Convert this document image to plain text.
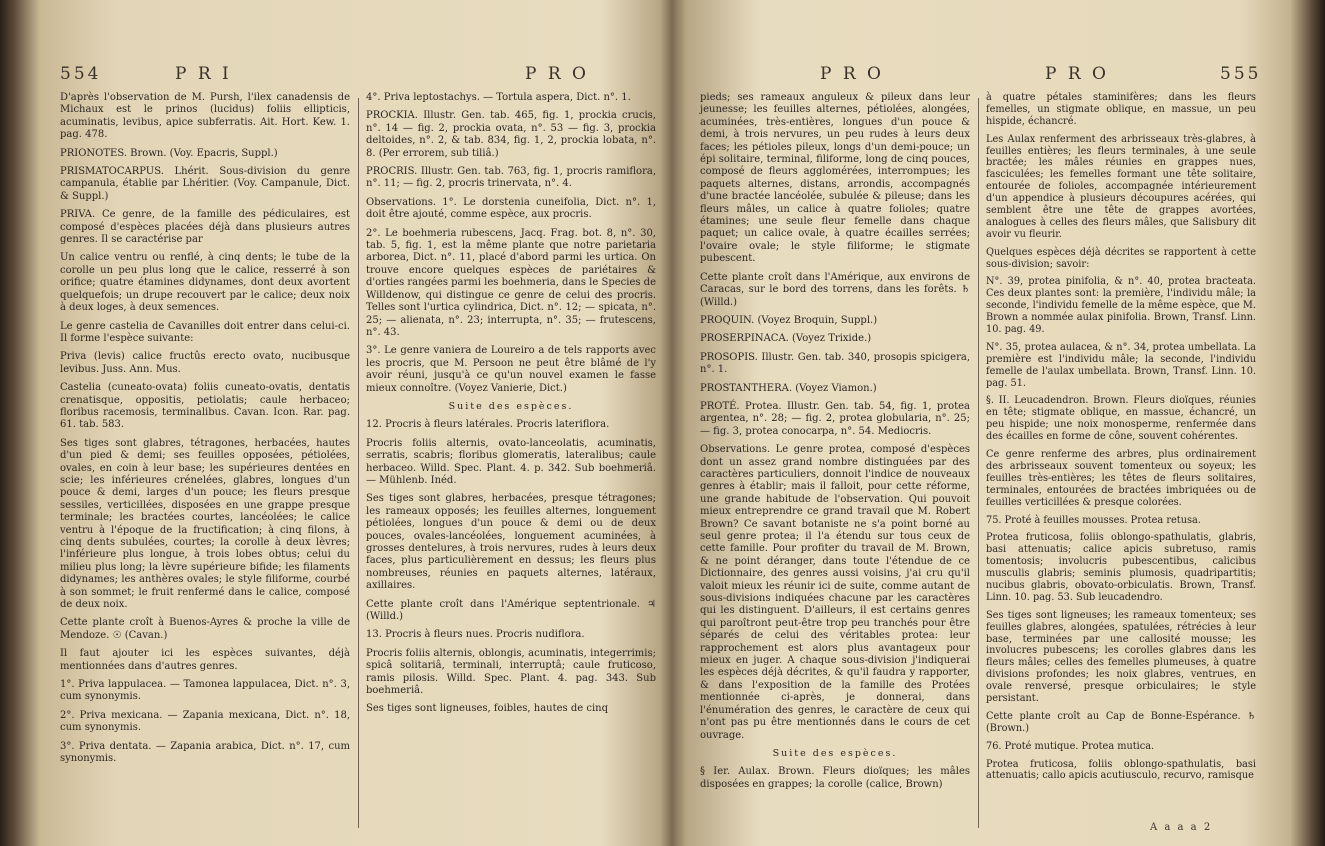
554	P R I	P R O

D'après l'observation de M. Pursh, l'ilex canadensis de Michaux est le prinos (lucidus) foliis ellipticis, acuminatis, levibus, apice subferratis. Ait. Hort. Kew. 1. pag. 478.

PRIONOTES. Brown. (Voy. Epacris, Suppl.)

PRISMATOCARPUS. Lhérit. Sous-division du genre campanula, établie par Lhéritier. (Voy. Campanule, Dict. & Suppl.)

PRIVA. Ce genre, de la famille des pédiculaires, est composé d'espèces placées déjà dans plusieurs autres genres. Il se caractérise par

Un calice ventru ou renflé, à cinq dents; le tube de la corolle un peu plus long que le calice, resserré à son orifice; quatre étamines didynames, dont deux avortent quelquefois; un drupe recouvert par le calice; deux noix à deux loges, à deux semences.

Le genre castelia de Cavanilles doit entrer dans celui-ci. Il forme l'espèce suivante:

Priva (levis) calice fructûs erecto ovato, nucibusque levibus. Juss. Ann. Mus.

Castelia (cuneato-ovata) foliis cuneato-ovatis, dentatis crenatisque, oppositis, petiolatis; caule herbaceo; floribus racemosis, terminalibus. Cavan. Icon. Rar. pag. 61. tab. 583.

Ses tiges sont glabres, tétragones, herbacées, hautes d'un pied & demi; ses feuilles opposées, pétiolées, ovales, en coin à leur base; les supérieures dentées en scie; les inférieures crénelées, glabres, longues d'un pouce & demi, larges d'un pouce; les fleurs presque sessiles, verticillées, disposées en une grappe presque terminale; les bractées courtes, lancéolées; le calice ventru à l'époque de la fructification; à cinq filons, à cinq dents subulées, courtes; la corolle à deux lèvres; l'inférieure plus longue, à trois lobes obtus; celui du milieu plus long; la lèvre supérieure bifide; les filaments didynames; les anthères ovales; le style filiforme, courbé à son sommet; le fruit renfermé dans le calice, composé de deux noix.

Cette plante croît à Buenos-Ayres & proche la ville de Mendoze. ☉ (Cavan.)

Il faut ajouter ici les espèces suivantes, déjà mentionnées dans d'autres genres.

1°. Priva lappulacea. — Tamonea lappulacea, Dict. n°. 3, cum synonymis.

2°. Priva mexicana. — Zapania mexicana, Dict. n°. 18, cum synonymis.

3°. Priva dentata. — Zapania arabica, Dict. n°. 17, cum synonymis.

4°. Priva leptostachys. — Tortula aspera, Dict. n°. 1.

PROCKIA. Illustr. Gen. tab. 465, fig. 1, prockia crucis, n°. 14 — fig. 2, prockia ovata, n°. 53 — fig. 3, prockia deltoides, n°. 2, & tab. 834, fig. 1, 2, prockia lobata, n°. 8. (Per errorem, sub tiliâ.)

PROCRIS. Illustr. Gen. tab. 763, fig. 1, procris ramiflora, n°. 11; — fig. 2, procris trinervata, n°. 4.

Observations. 1°. Le dorstenia cuneifolia, Dict. n°. 1, doit être ajouté, comme espèce, aux procris.

2°. Le boehmeria rubescens, Jacq. Frag. bot. 8, n°. 30, tab. 5, fig. 1, est la même plante que notre parietaria arborea, Dict. n°. 11, placé d'abord parmi les urtica. On trouve encore quelques espèces de pariétaires & d'orties rangées parmi les boehmeria, dans le Species de Willdenow, qui distingue ce genre de celui des procris. Telles sont l'urtica cylindrica, Dict. n°. 12; — spicata, n°. 25; — alienata, n°. 23; interrupta, n°. 35; — frutescens, n°. 43.

3°. Le genre vaniera de Loureiro a de tels rapports avec les procris, que M. Persoon ne peut être blâmé de l'y avoir réuni, jusqu'à ce qu'un nouvel examen le fasse mieux connoître. (Voyez Vanierie, Dict.)

Suite des espèces.

12. Procris à fleurs latérales. Procris lateriflora.

Procris foliis alternis, ovato-lanceolatis, acuminatis, serratis, scabris; floribus glomeratis, lateralibus; caule herbaceo. Willd. Spec. Plant. 4. p. 342. Sub boehmeriâ. — Mühlenb. Inéd.

Ses tiges sont glabres, herbacées, presque tétragones; les rameaux opposés; les feuilles alternes, longuement pétiolées, longues d'un pouce & demi ou de deux pouces, ovales-lancéolées, longuement acuminées, à grosses dentelures, à trois nervures, rudes à leurs deux faces, plus particulièrement en dessus; les fleurs plus nombreuses, réunies en paquets alternes, latéraux, axillaires.

Cette plante croît dans l'Amérique septentrionale. ♃ (Willd.)

13. Procris à fleurs nues. Procris nudiflora.

Procris foliis alternis, oblongis, acuminatis, integerrimis; spicâ solitariâ, terminali, interruptâ; caule fruticoso, ramis pilosis. Willd. Spec. Plant. 4. pag. 343. Sub boehmeriâ.

Ses tiges sont ligneuses, foibles, hautes de cinq

P R O	P R O	555

pieds; ses rameaux anguleux & pileux dans leur jeunesse; les feuilles alternes, pétiolées, alongées, acuminées, très-entières, longues d'un pouce & demi, à trois nervures, un peu rudes à leurs deux faces; les pétioles pileux, longs d'un demi-pouce; un épi solitaire, terminal, filiforme, long de cinq pouces, composé de fleurs agglomérées, interrompues; les paquets alternes, distans, arrondis, accompagnés d'une bractée lancéolée, subulée & pileuse; dans les fleurs mâles, un calice à quatre folioles; quatre étamines; une seule fleur femelle dans chaque paquet; un calice ovale, à quatre écailles serrées; l'ovaire ovale; le style filiforme; le stigmate pubescent.

Cette plante croît dans l'Amérique, aux environs de Caracas, sur le bord des torrens, dans les forêts. ♄ (Willd.)

PROQUIN. (Voyez Broquin, Suppl.)

PROSERPINACA. (Voyez Trixide.)

PROSOPIS. Illustr. Gen. tab. 340, prosopis spicigera, n°. 1.

PROSTANTHERA. (Voyez Viamon.)

PROTÉ. Protea. Illustr. Gen. tab. 54, fig. 1, protea argentea, n°. 28; — fig. 2, protea globularia, n°. 25; — fig. 3, protea conocarpa, n°. 54. Mediocris.

Observations. Le genre protea, composé d'espèces dont un assez grand nombre distinguées par des caractères particuliers, donnoit l'indice de nouveaux genres à établir; mais il falloit, pour cette réforme, une grande habitude de l'observation. Qui pouvoit mieux entreprendre ce grand travail que M. Robert Brown? Ce savant botaniste ne s'a point borné au seul genre protea; il l'a étendu sur tous ceux de cette famille. Pour profiter du travail de M. Brown, & ne point déranger, dans toute l'étendue de ce Dictionnaire, des genres aussi voisins, j'ai cru qu'il valoit mieux les réunir ici de suite, comme autant de sous-divisions indiquées chacune par les caractères qui les distinguent. D'ailleurs, il est certains genres qui paroîtront peut-être trop peu tranchés pour être séparés de celui des véritables protea: leur rapprochement est alors plus avantageux pour mieux en juger. A chaque sous-division j'indiquerai les espèces déjà décrites, & qu'il faudra y rapporter, & dans l'exposition de la famille des Protées mentionnée ci-après, je donnerai, dans l'énumération des genres, le caractère de ceux qui n'ont pas pu être mentionnés dans le cours de cet ouvrage.

Suite des espèces.

§ Ier. Aulax. Brown. Fleurs dioïques; les mâles disposées en grappes; la corolle (calice, Brown)

à quatre pétales staminifères; dans les fleurs femelles, un stigmate oblique, en massue, un peu hispide, échancré.

Les Aulax renferment des arbrisseaux très-glabres, à feuilles entières; les fleurs terminales, à une seule bractée; les mâles réunies en grappes nues, fasciculées; les femelles formant une tête solitaire, entourée de folioles, accompagnée intérieurement d'un appendice à plusieurs découpures acérées, qui semblent être une tête de grappes avortées, analogues à celles des fleurs mâles, que Salisbury dit avoir vu fleurir.

Quelques espèces déjà décrites se rapportent à cette sous-division; savoir:

N°. 39, protea pinifolia, & n°. 40, protea bracteata. Ces deux plantes sont: la première, l'individu mâle; la seconde, l'individu femelle de la même espèce, que M. Brown a nommée aulax pinifolia. Brown, Transf. Linn. 10. pag. 49.

N°. 35, protea aulacea, & n°. 34, protea umbellata. La première est l'individu mâle; la seconde, l'individu femelle de l'aulax umbellata. Brown, Transf. Linn. 10. pag. 51.

§. II. Leucadendron. Brown. Fleurs dioïques, réunies en tête; stigmate oblique, en massue, échancré, un peu hispide; une noix monosperme, renfermée dans des écailles en forme de cône, souvent cohérentes.

Ce genre renferme des arbres, plus ordinairement des arbrisseaux souvent tomenteux ou soyeux; les feuilles très-entières; les têtes de fleurs solitaires, terminales, entourées de bractées imbriquées ou de feuilles verticillées & presque colorées.

75. Proté à feuilles mousses. Protea retusa.

Protea fruticosa, foliis oblongo-spathulatis, glabris, basi attenuatis; calice apicis subretuso, ramis tomentosis; involucris pubescentibus, calicibus musculis glabris; seminis plumosis, quadripartitis; nucibus glabris, obovato-orbiculatis. Brown, Transf. Linn. 10. pag. 53. Sub leucadendro.

Ses tiges sont ligneuses; les rameaux tomenteux; ses feuilles glabres, alongées, spatulées, rétrécies à leur base, terminées par une callosité mousse; les involucres pubescens; les corolles glabres dans les fleurs mâles; celles des femelles plumeuses, à quatre divisions profondes; les noix glabres, ventrues, en ovale renversé, presque orbiculaires; le style persistant.

Cette plante croît au Cap de Bonne-Espérance. ♄ (Brown.)

76. Proté mutique. Protea mutica.

Protea fruticosa, foliis oblongo-spathulatis, basi attenuatis; callo apicis acutiusculo, recurvo, ramisque

A a a a 2
